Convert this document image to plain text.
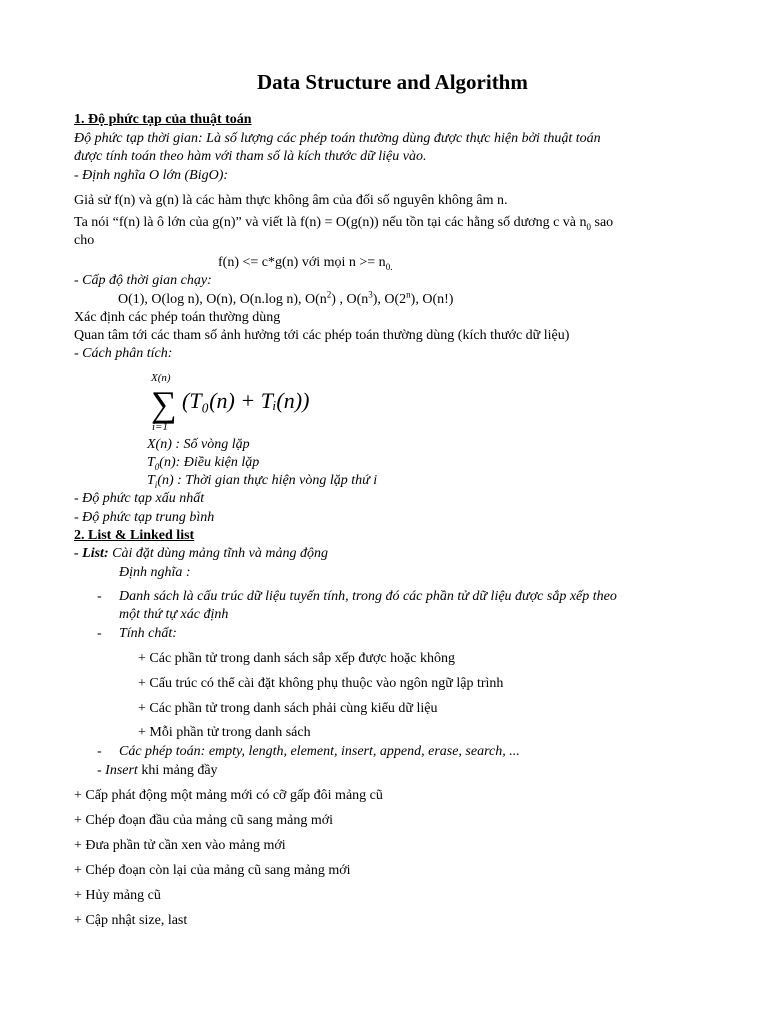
Data Structure and Algorithm
1. Độ phức tạp của thuật toán
Độ phức tạp thời gian: Là số lượng các phép toán thường dùng được thực hiện bởi thuật toán
được tính toán theo hàm với tham số là kích thước dữ liệu vào.
- Định nghĩa O lớn (BigO):
Giả sử f(n) và g(n) là các hàm thực không âm của đối số nguyên không âm n.
Ta nói “f(n) là ô lớn của g(n)” và viết là f(n) = O(g(n)) nếu tồn tại các hằng số dương c và $n_0$ sao
cho
f(n) <= c*g(n) với mọi $n >= n_{0.}$
- Cấp độ thời gian chạy:
O(1), O(log n), O(n), O(n.log n), $O(n^2)$ , $O(n^3)$, O(2$^n$), O(n!)
Xác định các phép toán thường dùng
Quan tâm tới các tham số ảnh hưởng tới các phép toán thường dùng (kích thước dữ liệu)
- Cách phân tích:
X(n)
∑
i=1
(T₀(n) + Tᵢ(n))
X(n) : Số vòng lặp
$T_0(n)$: Điều kiện lặp
$T_i(n)$ : Thời gian thực hiện vòng lặp thứ i
- Độ phức tạp xấu nhất
- Độ phức tạp trung bình
2. List & Linked list
- List: Cài đặt dùng mảng tĩnh và mảng động
Định nghĩa :
- Danh sách là cấu trúc dữ liệu tuyến tính, trong đó các phần tử dữ liệu được sắp xếp theo
một thứ tự xác định
- Tính chất:
+ Các phần tử trong danh sách sắp xếp được hoặc không
+ Cấu trúc có thể cài đặt không phụ thuộc vào ngôn ngữ lập trình
+ Các phần tử trong danh sách phải cùng kiểu dữ liệu
+ Mỗi phần tử trong danh sách
- Các phép toán: empty, length, element, insert, append, erase, search, ...
- Insert khi mảng đầy
+ Cấp phát động một mảng mới có cỡ gấp đôi mảng cũ
+ Chép đoạn đầu của mảng cũ sang mảng mới
+ Đưa phần tử cần xen vào mảng mới
+ Chép đoạn còn lại của mảng cũ sang mảng mới
+ Hủy mảng cũ
+ Cập nhật size, last
